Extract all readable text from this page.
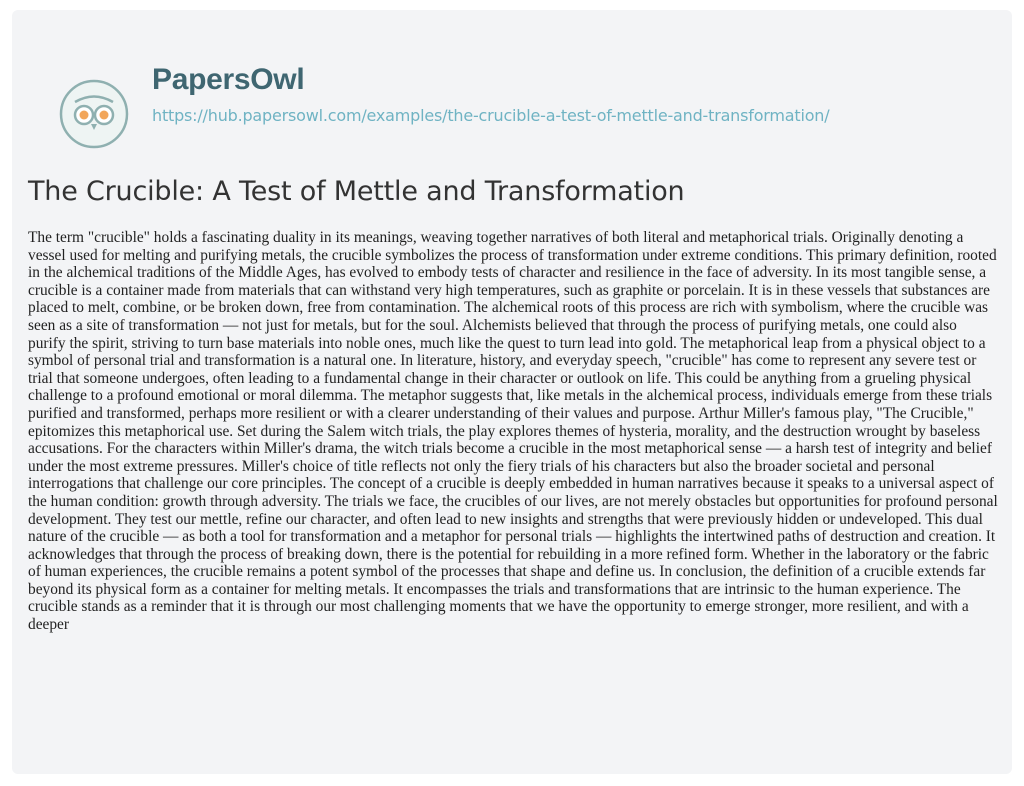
PapersOwl
https://hub.papersowl.com/examples/the-crucible-a-test-of-mettle-and-transformation/
The Crucible: A Test of Mettle and Transformation

The term "crucible" holds a fascinating duality in its meanings, weaving together narratives of both literal and metaphorical trials. Originally denoting a vessel used for melting and purifying metals, the crucible symbolizes the process of transformation under extreme conditions. This primary definition, rooted in the alchemical traditions of the Middle Ages, has evolved to embody tests of character and resilience in the face of adversity. In its most tangible sense, a crucible is a container made from materials that can withstand very high temperatures, such as graphite or porcelain. It is in these vessels that substances are placed to melt, combine, or be broken down, free from contamination. The alchemical roots of this process are rich with symbolism, where the crucible was seen as a site of transformation — not just for metals, but for the soul. Alchemists believed that through the process of purifying metals, one could also purify the spirit, striving to turn base materials into noble ones, much like the quest to turn lead into gold. The metaphorical leap from a physical object to a symbol of personal trial and transformation is a natural one. In literature, history, and everyday speech, "crucible" has come to represent any severe test or trial that someone undergoes, often leading to a fundamental change in their character or outlook on life. This could be anything from a grueling physical challenge to a profound emotional or moral dilemma. The metaphor suggests that, like metals in the alchemical process, individuals emerge from these trials purified and transformed, perhaps more resilient or with a clearer understanding of their values and purpose. Arthur Miller's famous play, "The Crucible," epitomizes this metaphorical use. Set during the Salem witch trials, the play explores themes of hysteria, morality, and the destruction wrought by baseless accusations. For the characters within Miller's drama, the witch trials become a crucible in the most metaphorical sense — a harsh test of integrity and belief under the most extreme pressures. Miller's choice of title reflects not only the fiery trials of his characters but also the broader societal and personal interrogations that challenge our core principles. The concept of a crucible is deeply embedded in human narratives because it speaks to a universal aspect of the human condition: growth through adversity. The trials we face, the crucibles of our lives, are not merely obstacles but opportunities for profound personal development. They test our mettle, refine our character, and often lead to new insights and strengths that were previously hidden or undeveloped. This dual nature of the crucible — as both a tool for transformation and a metaphor for personal trials — highlights the intertwined paths of destruction and creation. It acknowledges that through the process of breaking down, there is the potential for rebuilding in a more refined form. Whether in the laboratory or the fabric of human experiences, the crucible remains a potent symbol of the processes that shape and define us. In conclusion, the definition of a crucible extends far beyond its physical form as a container for melting metals. It encompasses the trials and transformations that are intrinsic to the human experience. The crucible stands as a reminder that it is through our most challenging moments that we have the opportunity to emerge stronger, more resilient, and with a deeper
